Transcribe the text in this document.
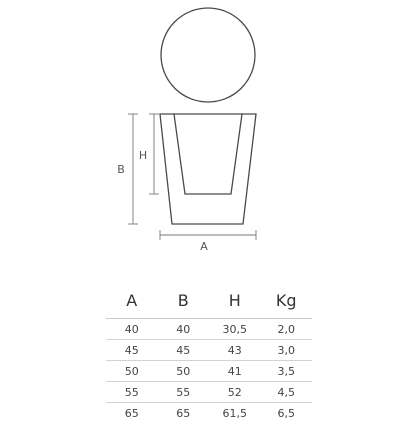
B
H
A
A	B	H	Kg
40	40	30,5	2,0
45	45	43	3,0
50	50	41	3,5
55	55	52	4,5
65	65	61,5	6,5
